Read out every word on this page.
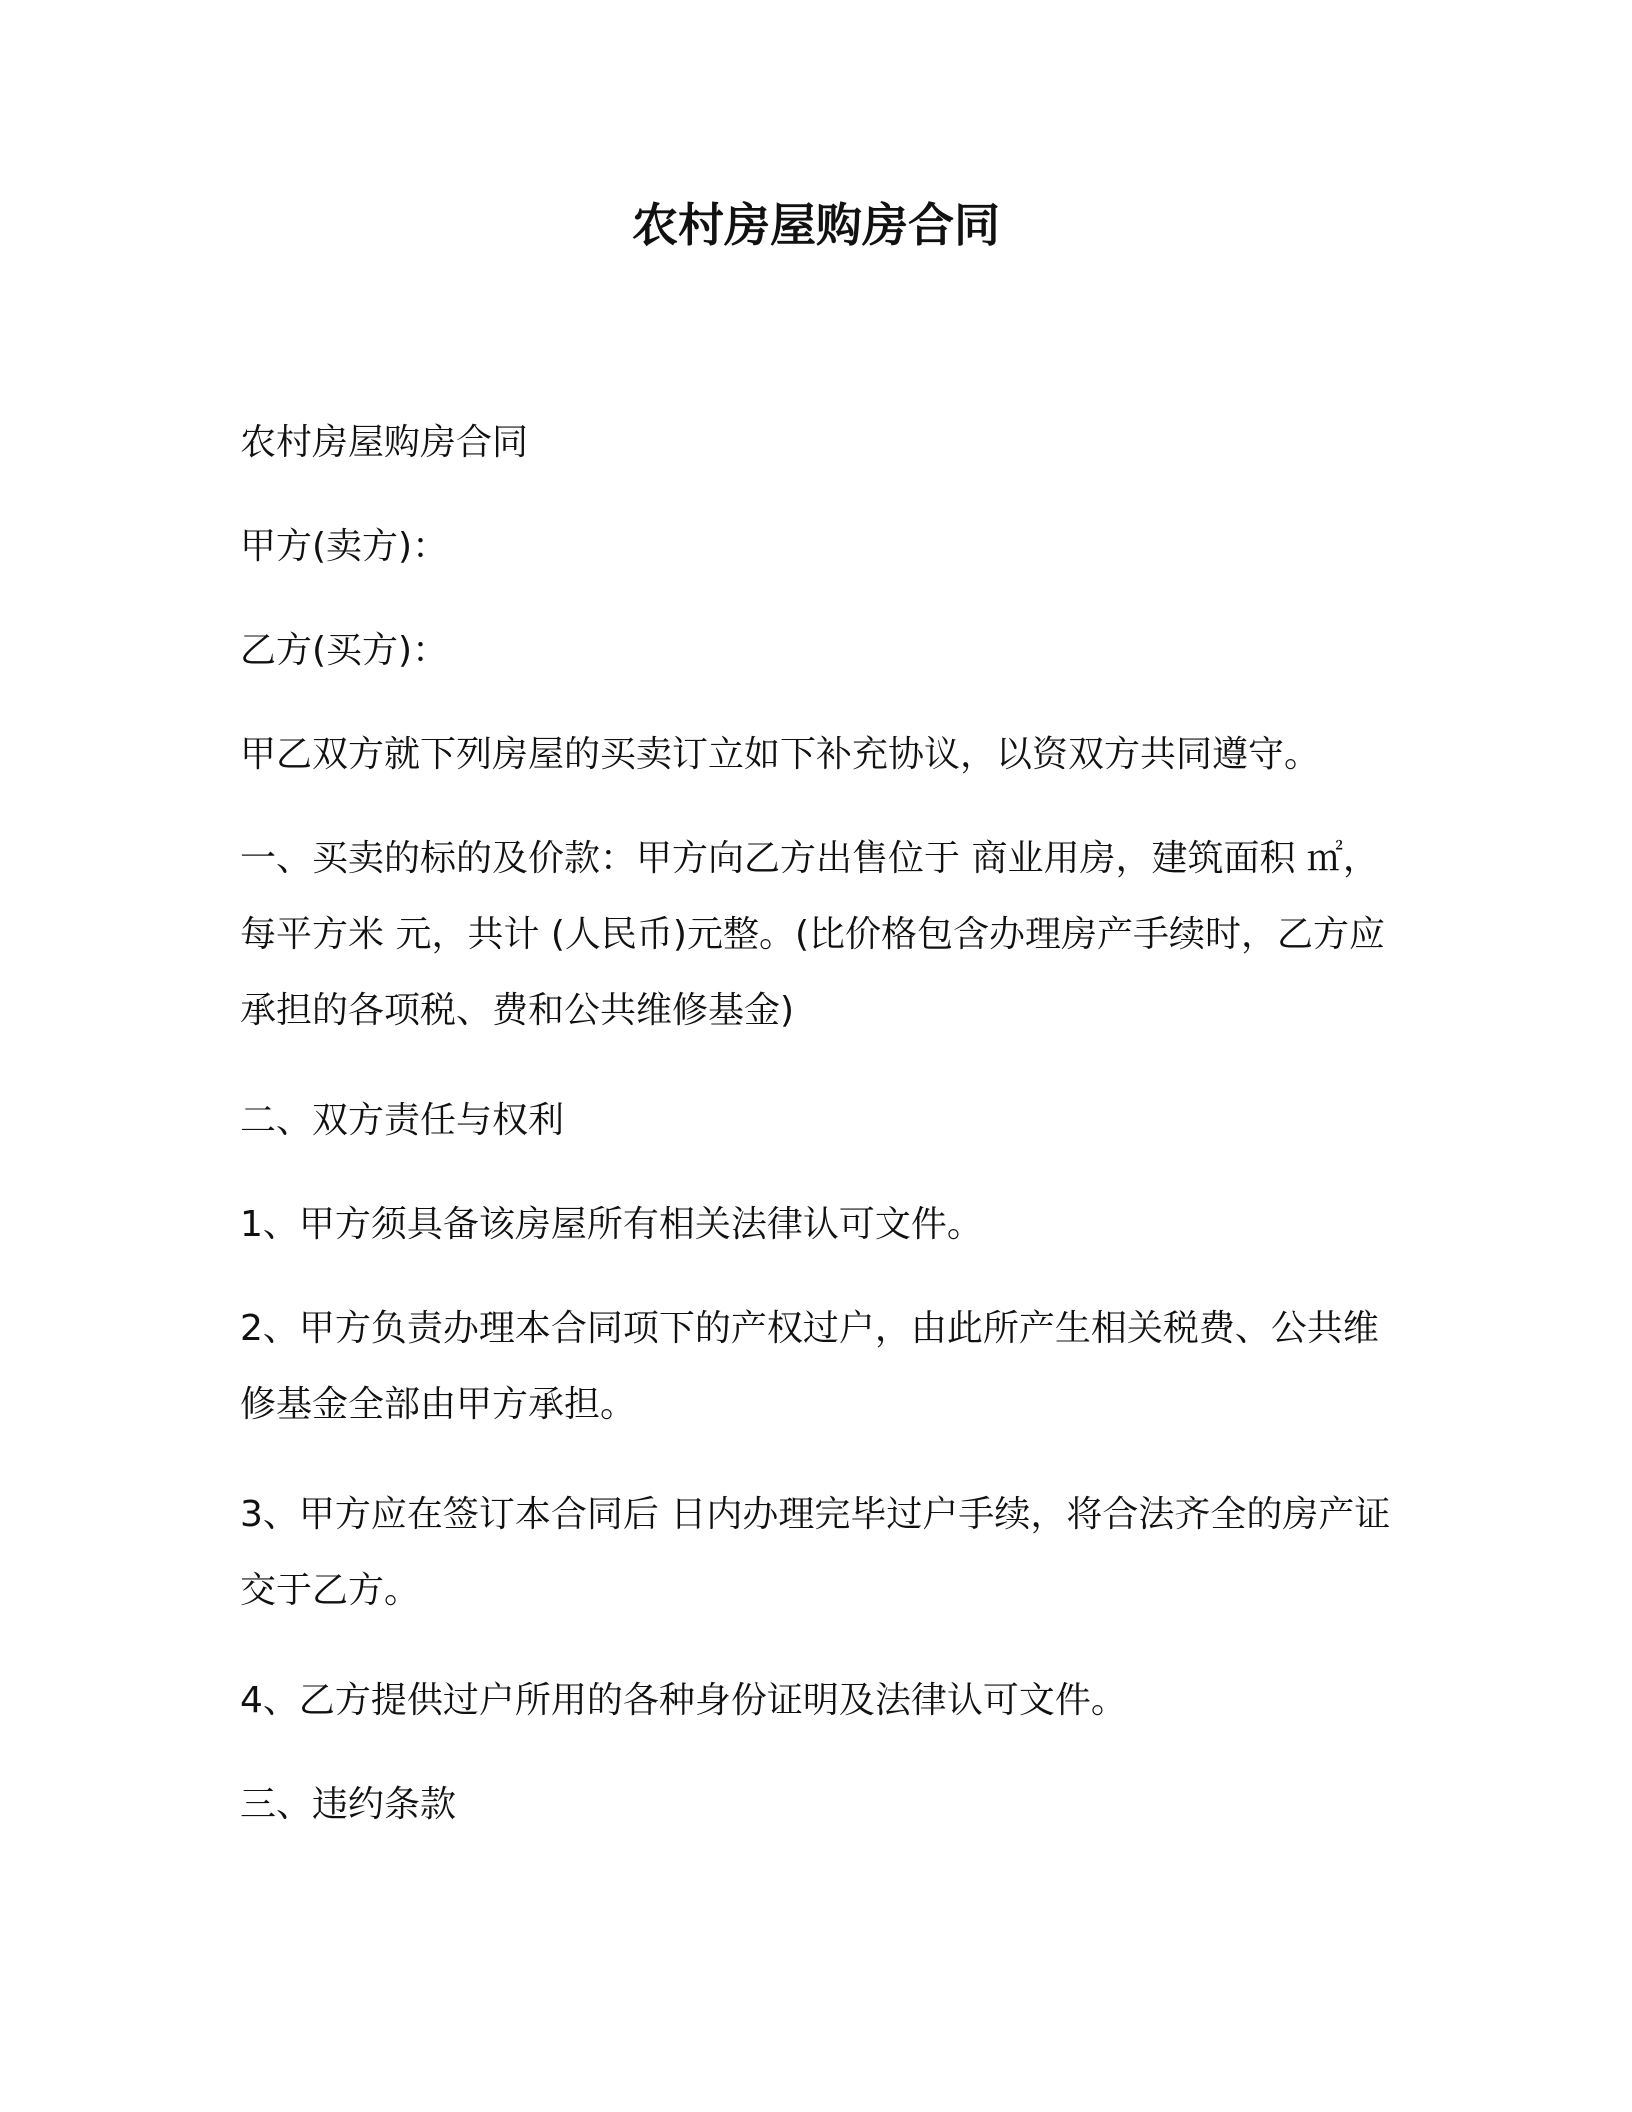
农村房屋购房合同

农村房屋购房合同

甲方(卖方)：

乙方(买方)：

甲乙双方就下列房屋的买卖订立如下补充协议，以资双方共同遵守。

一、买卖的标的及价款：甲方向乙方出售位于 商业用房，建筑面积 ㎡，每平方米 元，共计 (人民币)元整。(比价格包含办理房产手续时，乙方应承担的各项税、费和公共维修基金)

二、双方责任与权利

1、甲方须具备该房屋所有相关法律认可文件。

2、甲方负责办理本合同项下的产权过户，由此所产生相关税费、公共维修基金全部由甲方承担。

3、甲方应在签订本合同后 日内办理完毕过户手续，将合法齐全的房产证交于乙方。

4、乙方提供过户所用的各种身份证明及法律认可文件。

三、违约条款
